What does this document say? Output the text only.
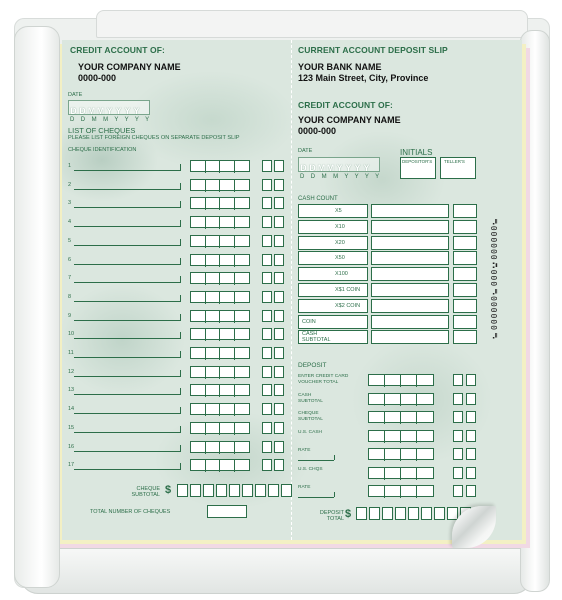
CREDIT ACCOUNT OF:
YOUR COMPANY NAME
0000-000
DATE
D D M M Y Y Y Y
D D M M Y Y Y Y
LIST OF CHEQUES
PLEASE LIST FOREIGN CHEQUES ON SEPARATE DEPOSIT SLIP
CHEQUE IDENTIFICATION
1
2
3
4
5
6
7
8
9
10
11
12
13
14
15
16
17
CHEQUE
SUBTOTAL $
TOTAL NUMBER OF CHEQUES
CURRENT ACCOUNT DEPOSIT SLIP
YOUR BANK NAME
123 Main Street, City, Province
CREDIT ACCOUNT OF:
YOUR COMPANY NAME
0000-000
INITIALS
DEPOSITOR'S	TELLER'S
DATE
D D M M Y Y Y Y
D D M M Y Y Y Y
CASH COUNT
X5
X10
X20
X50
X100
X$1 COIN
X$2 COIN
COIN
CASH
SUBTOTAL
DEPOSIT
ENTER CREDIT CARD
VOUCHER TOTAL
CASH
SUBTOTAL
CHEQUE
SUBTOTAL
U.S. CASH
RATE
U.S. CHQS
RATE
DEPOSIT
TOTAL $
⑈000000⑈000⑆000000⑈
